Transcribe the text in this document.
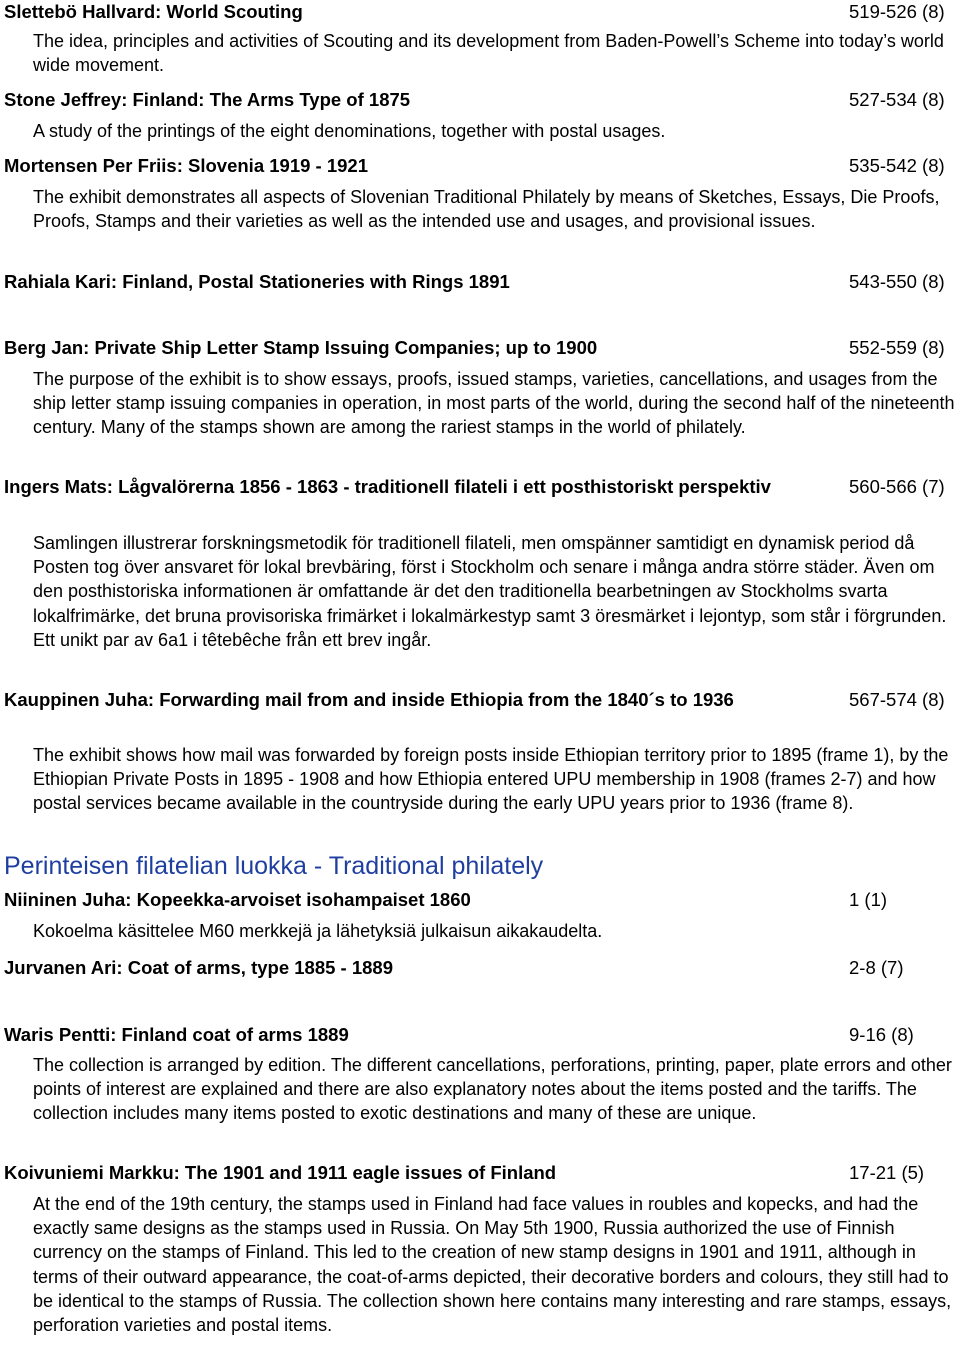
Slettebö Hallvard: World Scouting	519-526 (8)
The idea, principles and activities of Scouting and its development from Baden-Powell’s Scheme into today’s world wide movement.
Stone Jeffrey: Finland: The Arms Type of 1875	527-534 (8)
A study of the printings of the eight denominations, together with postal usages.
Mortensen Per Friis: Slovenia 1919 - 1921	535-542 (8)
The exhibit demonstrates all aspects of Slovenian Traditional Philately by means of Sketches, Essays, Die Proofs, Proofs, Stamps and their varieties as well as the intended use and usages, and provisional issues.
Rahiala Kari: Finland, Postal Stationeries with Rings 1891	543-550 (8)
Berg Jan: Private Ship Letter Stamp Issuing Companies; up to 1900	552-559 (8)
The purpose of the exhibit is to show essays, proofs, issued stamps, varieties, cancellations, and usages from the ship letter stamp issuing companies in operation, in most parts of the world, during the second half of the nineteenth century. Many of the stamps shown are among the rariest stamps in the world of philately.
Ingers Mats: Lågvalörerna 1856 - 1863 - traditionell filateli i ett posthistoriskt perspektiv	560-566 (7)
Samlingen illustrerar forskningsmetodik för traditionell filateli, men omspänner samtidigt en dynamisk period då Posten tog över ansvaret för lokal brevbäring, först i Stockholm och senare i många andra större städer. Även om den posthistoriska informationen är omfattande är det den traditionella bearbetningen av Stockholms svarta lokalfrimärke, det bruna provisoriska frimärket i lokalmärkestyp samt 3 öresmärket i lejontyp, som står i förgrunden. Ett unikt par av 6a1 i têtebêche från ett brev ingår.
Kauppinen Juha: Forwarding mail from and inside Ethiopia from the 1840´s to 1936	567-574 (8)
The exhibit shows how mail was forwarded by foreign posts inside Ethiopian territory prior to 1895 (frame 1), by the Ethiopian Private Posts in 1895 - 1908 and how Ethiopia entered UPU membership in 1908 (frames 2-7) and how postal services became available in the countryside during the early UPU years prior to 1936 (frame 8).
Perinteisen filatelian luokka - Traditional philately
Niininen Juha: Kopeekka-arvoiset isohampaiset 1860	1 (1)
Kokoelma käsittelee M60 merkkejä ja lähetyksiä julkaisun aikakaudelta.
Jurvanen Ari: Coat of arms, type 1885 - 1889	2-8 (7)
Waris Pentti: Finland coat of arms 1889	9-16 (8)
The collection is arranged by edition. The different cancellations, perforations, printing, paper, plate errors and other points of interest are explained and there are also explanatory notes about the items posted and the tariffs. The collection includes many items posted to exotic destinations and many of these are unique.
Koivuniemi Markku: The 1901 and 1911 eagle issues of Finland	17-21 (5)
At the end of the 19th century, the stamps used in Finland had face values in roubles and kopecks, and had the exactly same designs as the stamps used in Russia. On May 5th 1900, Russia authorized the use of Finnish currency on the stamps of Finland. This led to the creation of new stamp designs in 1901 and 1911, although in terms of their outward appearance, the coat-of-arms depicted, their decorative borders and colours, they still had to be identical to the stamps of Russia. The collection shown here contains many interesting and rare stamps, essays, perforation varieties and postal items.
